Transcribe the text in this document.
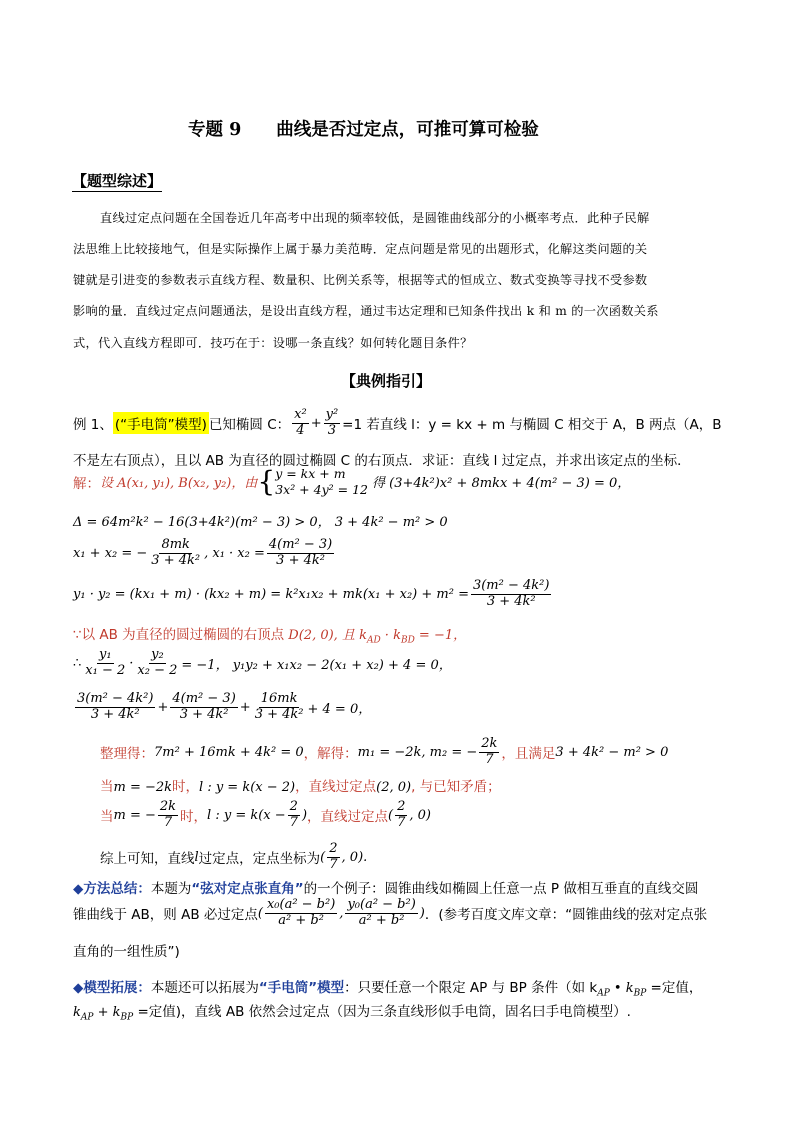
专题 9　　曲线是否过定点，可推可算可检验
【题型综述】
直线过定点问题在全国卷近几年高考中出现的频率较低，是圆锥曲线部分的小概率考点．此种子民解
法思维上比较接地气，但是实际操作上属于暴力美范畴．定点问题是常见的出题形式，化解这类问题的关
键就是引进变的参数表示直线方程、数量积、比例关系等，根据等式的恒成立、数式变换等寻找不受参数
影响的量．直线过定点问题通法，是设出直线方程，通过韦达定理和已知条件找出 k 和 m 的一次函数关系
式，代入直线方程即可．技巧在于：设哪一条直线？如何转化题目条件？
【典例指引】
例 1、 (“手电筒”模型) 已知椭圆 C： $\frac{\text{x²}}{4} + \frac{\text{y²}}{3} =1$ 若直线 l：y = kx + m 与椭圆 C 相交于 A，B 两点（A，B
不是左右顶点），且以 AB 为直径的圆过椭圆 C 的右顶点．求证：直线 l 过定点，并求出该定点的坐标．
解： 设 A(x₁, y₁), B(x₂, y₂)，由 { y = kx + m
3x² + 4y² = 12 得 (3+4k²)x² + 8mkx + 4(m² − 3) = 0，
Δ = 64m²k² − 16(3+4k²)(m² − 3) > 0， 3 + 4k² − m² > 0
x₁ + x₂ = − $\frac{8mk}{\text{3 + 4k²}}$ , $x_1 \cdot x_2 = \frac{\text{4(m² − 3)}}{\text{3 + 4k²}}$
$y_1 \cdot y_2 = (kx_1 + m) \cdot (kx_2 + m) = k^2x_1x_2 + mk(x_1 + x_2) + m^2 = \frac{\text{3(m² − 4k²)}}{\text{3 + 4k²}}$
∵以 AB 为直径的圆过椭圆的右顶点 D(2, 0), 且 $k_{AD} \cdot k_{BD} = -1$，
∴ $\frac{\text{y₁}}{\text{x₁ − 2}} \cdot \frac{\text{y₂}}{\text{x₂ − 2}} = -1$， y₁y₂ + x₁x₂ − 2(x₁ + x₂) + 4 = 0，
$\frac{\text{3(m² − 4k²)}}{\text{3 + 4k²}} + \frac{\text{4(m² − 3)}}{\text{3 + 4k²}} + \frac{16mk}{\text{3 + 4k²}} + 4 = 0$，
整理得： 7m² + 16mk + 4k² = 0 ，解得： m₁ = −2k, m₂ = − $\frac{2k}{7}$ ，且满足 3 + 4k² − m² > 0
当m = −2k时，l : y = k(x − 2)，直线过定点(2, 0), 与已知矛盾；
当 m = − $\frac{2k}{7}$ 时， l : $y = k(x - \frac{2}{7}$ ) ，直线过定点 ( $\frac{2}{7}$ , 0)
综上可知，直线 l 过定点，定点坐标为 ( $\frac{2}{7}$ , 0).
◆方法总结：本题为“弦对定点张直角”的一个例子：圆锥曲线如椭圆上任意一点 P 做相互垂直的直线交圆
锥曲线于 AB，则 AB 必过定点 ( $\frac{\text{x₀(a² − b²)}}{\text{a² + b²}}$ , $\frac{\text{y₀(a² − b²)}}{\text{a² + b²}}$ ) ．(参考百度文库文章：“圆锥曲线的弦对定点张
直角的一组性质”)
◆模型拓展：本题还可以拓展为“手电筒”模型：只要任意一个限定 AP 与 BP 条件（如 $k_{AP}$ • $k_{BP}$ =定值，
$k_{AP} + k_{BP}$ =定值)，直线 AB 依然会过定点（因为三条直线形似手电筒，固名曰手电筒模型）.
